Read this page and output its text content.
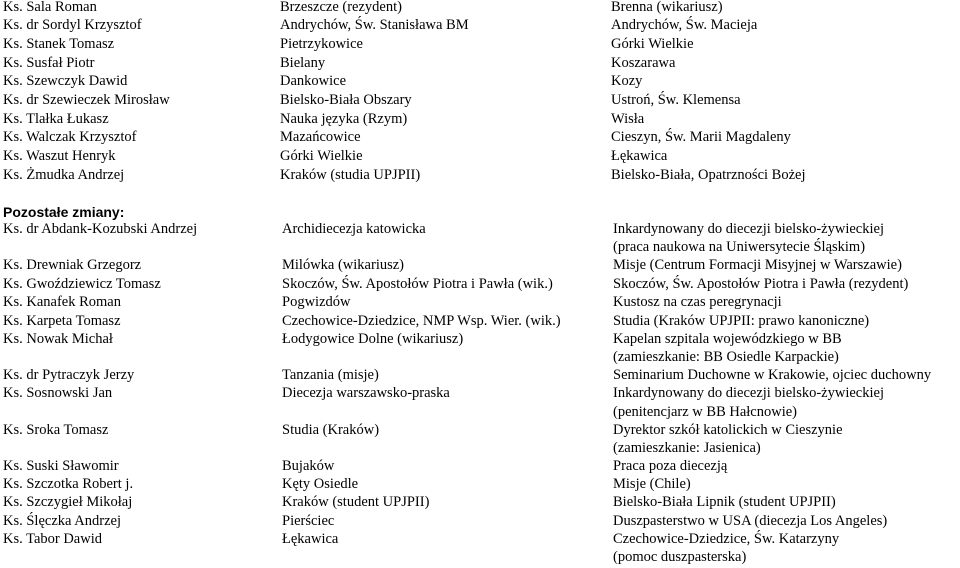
Ks. Sala Roman	Brzeszcze (rezydent)	Brenna (wikariusz)
Ks. dr Sordyl Krzysztof	Andrychów, Św. Stanisława BM	Andrychów, Św. Macieja
Ks. Stanek Tomasz	Pietrzykowice	Górki Wielkie
Ks. Susfał Piotr	Bielany	Koszarawa
Ks. Szewczyk Dawid	Dankowice	Kozy
Ks. dr Szewieczek Mirosław	Bielsko-Biała Obszary	Ustroń, Św. Klemensa
Ks. Tlałka Łukasz	Nauka języka (Rzym)	Wisła
Ks. Walczak Krzysztof	Mazańcowice	Cieszyn, Św. Marii Magdaleny
Ks. Waszut Henryk	Górki Wielkie	Łękawica
Ks. Żmudka Andrzej	Kraków (studia UPJPII)	Bielsko-Biała, Opatrzności Bożej
Pozostałe zmiany:
Ks. dr Abdank-Kozubski Andrzej	Archidiecezja katowicka	Inkardynowany do diecezji bielsko-żywieckiej
(praca naukowa na Uniwersytecie Śląskim)
Ks. Drewniak Grzegorz	Milówka (wikariusz)	Misje (Centrum Formacji Misyjnej w Warszawie)
Ks. Gwoździewicz Tomasz	Skoczów, Św. Apostołów Piotra i Pawła (wik.)	Skoczów, Św. Apostołów Piotra i Pawła (rezydent)
Ks. Kanafek Roman	Pogwizdów	Kustosz na czas peregrynacji
Ks. Karpeta Tomasz	Czechowice-Dziedzice, NMP Wsp. Wier. (wik.)	Studia (Kraków UPJPII: prawo kanoniczne)
Ks. Nowak Michał	Łodygowice Dolne (wikariusz)	Kapelan szpitala wojewódzkiego w BB
(zamieszkanie: BB Osiedle Karpackie)
Ks. dr Pytraczyk Jerzy	Tanzania (misje)	Seminarium Duchowne w Krakowie, ojciec duchowny
Ks. Sosnowski Jan	Diecezja warszawsko-praska	Inkardynowany do diecezji bielsko-żywieckiej
(penitencjarz w BB Hałcnowie)
Ks. Sroka Tomasz	Studia (Kraków)	Dyrektor szkół katolickich w Cieszynie
(zamieszkanie: Jasienica)
Ks. Suski Sławomir	Bujaków	Praca poza diecezją
Ks. Szczotka Robert j.	Kęty Osiedle	Misje (Chile)
Ks. Szczygieł Mikołaj	Kraków (student UPJPII)	Bielsko-Biała Lipnik (student UPJPII)
Ks. Ślęczka Andrzej	Pierściec	Duszpasterstwo w USA (diecezja Los Angeles)
Ks. Tabor Dawid	Łękawica	Czechowice-Dziedzice, Św. Katarzyny
(pomoc duszpasterska)
